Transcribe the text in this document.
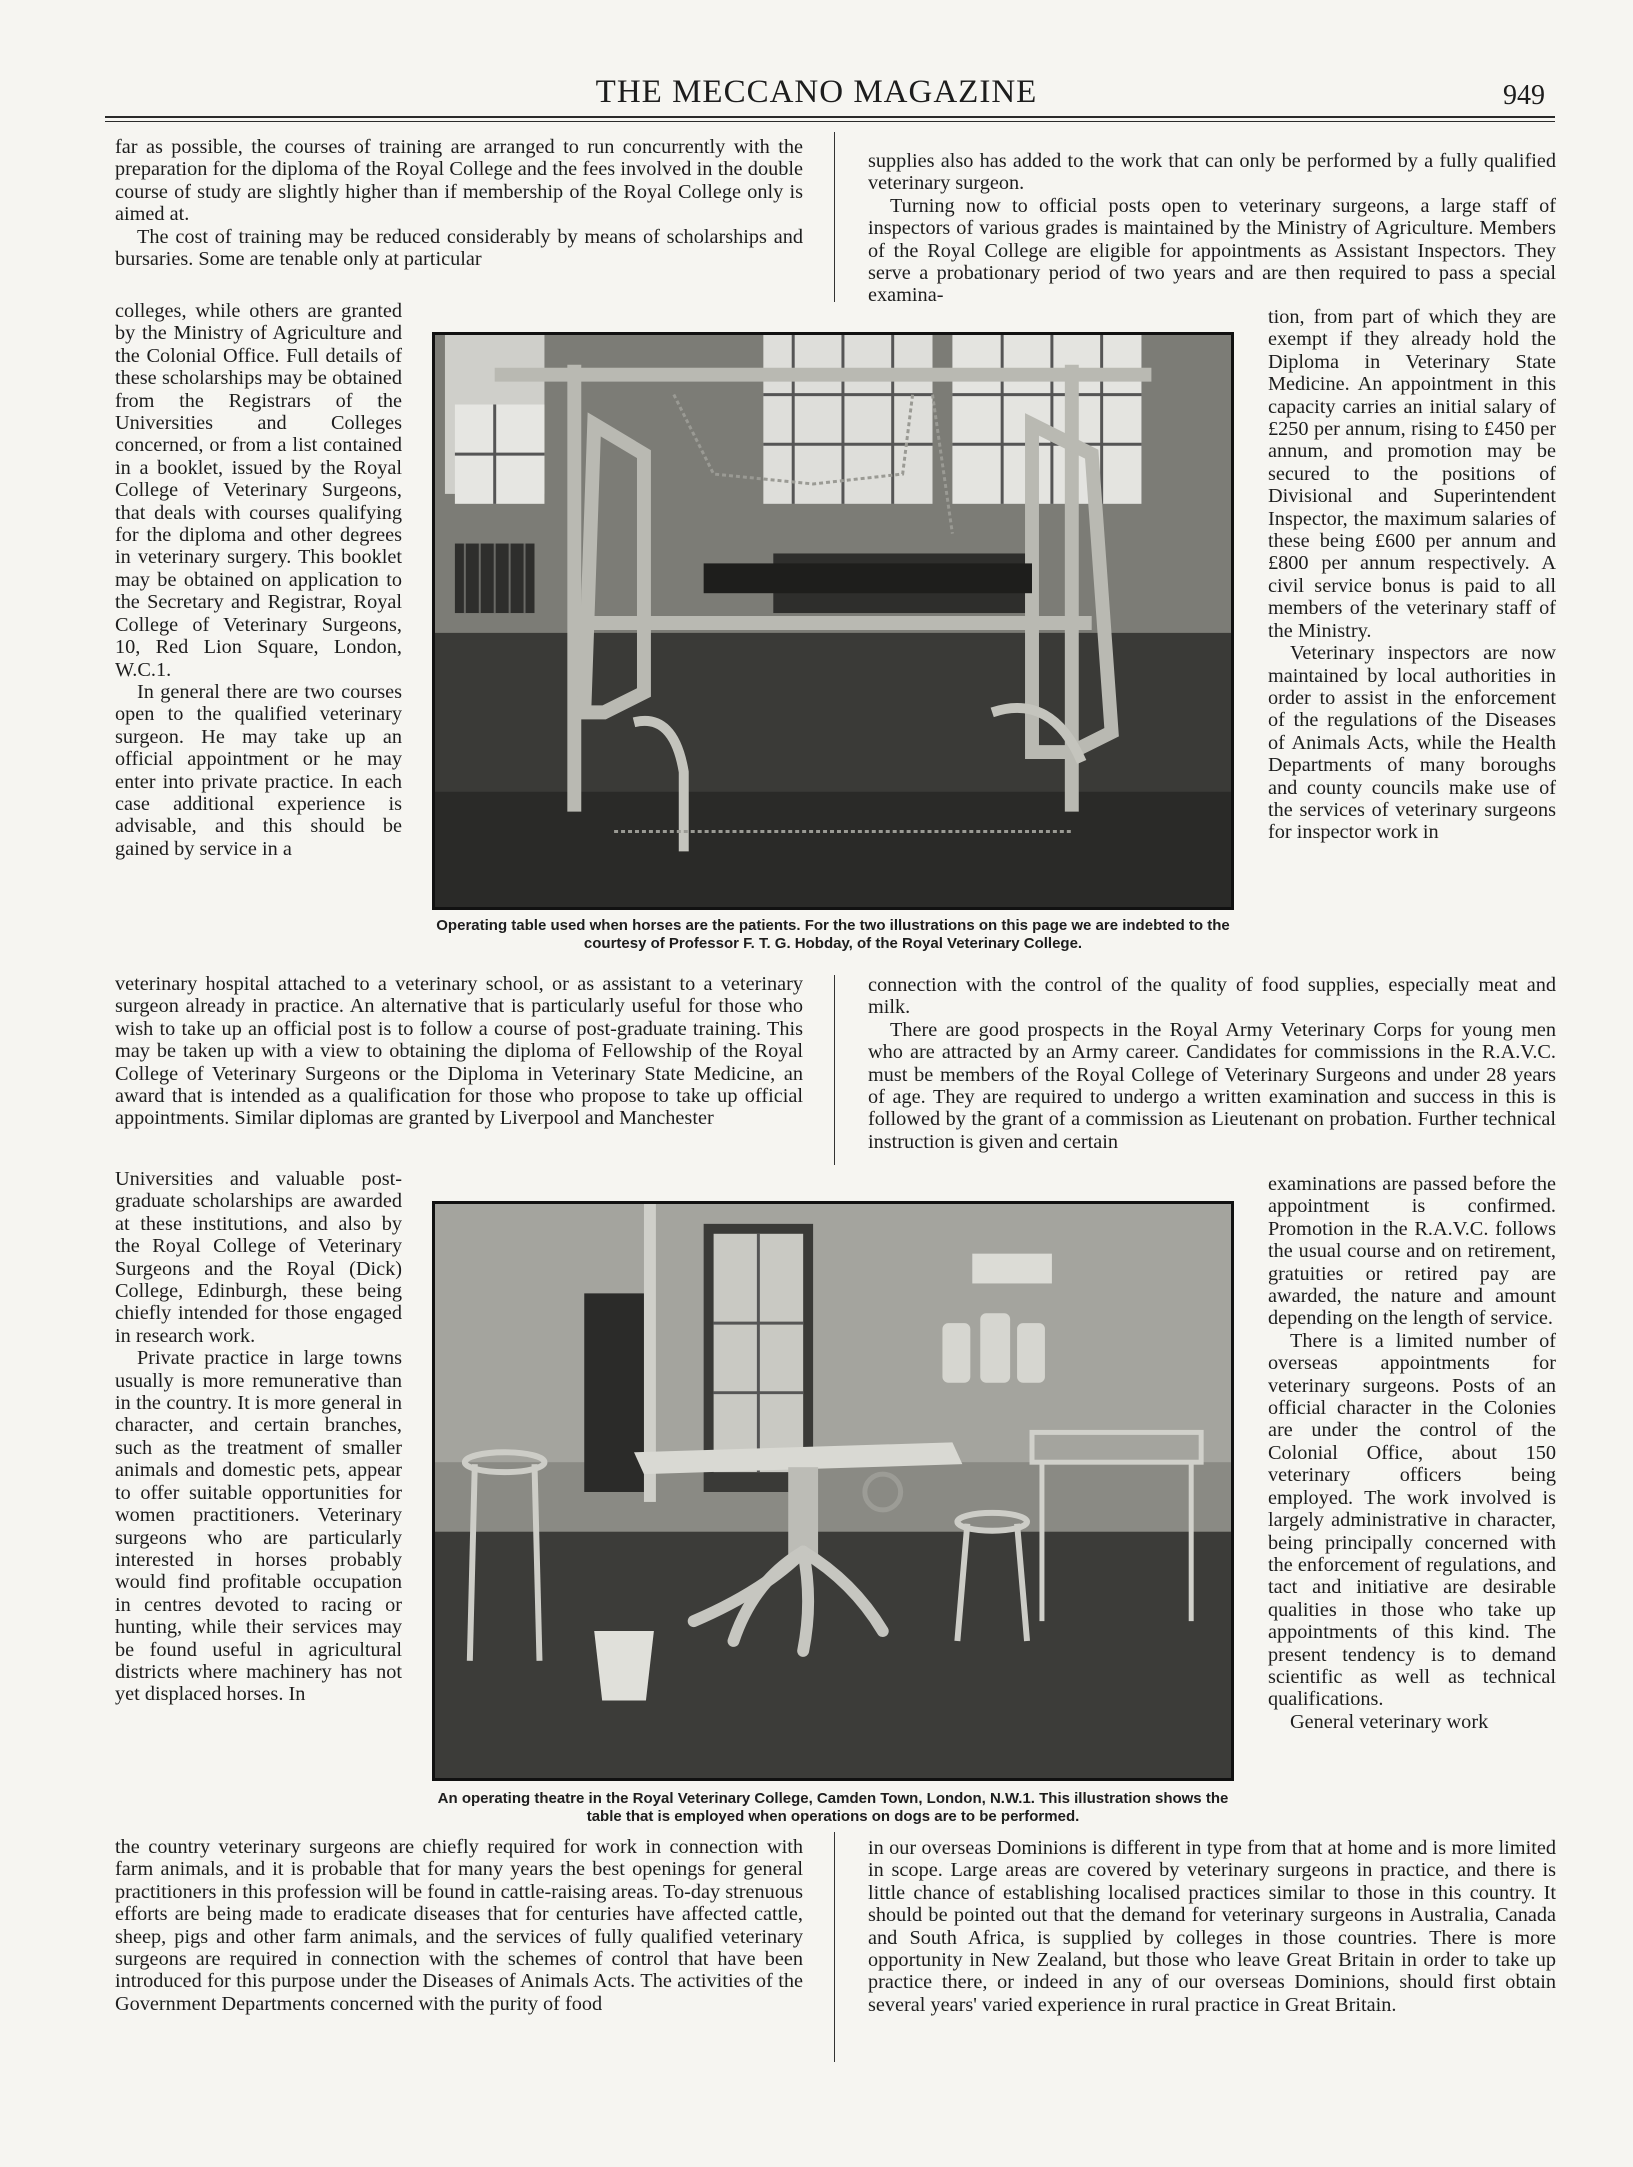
THE MECCANO MAGAZINE	949

far as possible, the courses of training are arranged to run concurrently with the preparation for the diploma of the Royal College and the fees involved in the double course of study are slightly higher than if membership of the Royal College only is aimed at.

The cost of training may be reduced considerably by means of scholarships and bursaries. Some are tenable only at particular

colleges, while others are granted by the Ministry of Agriculture and the Colonial Office. Full details of these scholarships may be obtained from the Registrars of the Universities and Colleges concerned, or from a list contained in a booklet, issued by the Royal College of Veterinary Surgeons, that deals with courses qualifying for the diploma and other degrees in veterinary surgery. This booklet may be obtained on application to the Secretary and Registrar, Royal College of Veterinary Surgeons, 10, Red Lion Square, London, W.C.1.

In general there are two courses open to the qualified veterinary surgeon. He may take up an official appointment or he may enter into private practice. In each case additional experience is advisable, and this should be gained by service in a

veterinary hospital attached to a veterinary school, or as assistant to a veterinary surgeon already in practice. An alternative that is particularly useful for those who wish to take up an official post is to follow a course of post-graduate training. This may be taken up with a view to obtaining the diploma of Fellowship of the Royal College of Veterinary Surgeons or the Diploma in Veterinary State Medicine, an award that is intended as a qualification for those who propose to take up official appointments. Similar diplomas are granted by Liverpool and Manchester

Universities and valuable post-graduate scholarships are awarded at these institutions, and also by the Royal College of Veterinary Surgeons and the Royal (Dick) College, Edinburgh, these being chiefly intended for those engaged in research work.

Private practice in large towns usually is more remunerative than in the country. It is more general in character, and certain branches, such as the treatment of smaller animals and domestic pets, appear to offer suitable opportunities for women practitioners. Veterinary surgeons who are particularly interested in horses probably would find profitable occupation in centres devoted to racing or hunting, while their services may be found useful in agricultural districts where machinery has not yet displaced horses. In

the country veterinary surgeons are chiefly required for work in connection with farm animals, and it is probable that for many years the best openings for general practitioners in this profession will be found in cattle-raising areas. To-day strenuous efforts are being made to eradicate diseases that for centuries have affected cattle, sheep, pigs and other farm animals, and the services of fully qualified veterinary surgeons are required in connection with the schemes of control that have been introduced for this purpose under the Diseases of Animals Acts. The activities of the Government Departments concerned with the purity of food

supplies also has added to the work that can only be performed by a fully qualified veterinary surgeon.

Turning now to official posts open to veterinary surgeons, a large staff of inspectors of various grades is maintained by the Ministry of Agriculture. Members of the Royal College are eligible for appointments as Assistant Inspectors. They serve a probationary period of two years and are then required to pass a special examina-

tion, from part of which they are exempt if they already hold the Diploma in Veterinary State Medicine. An appointment in this capacity carries an initial salary of £250 per annum, rising to £450 per annum, and promotion may be secured to the positions of Divisional and Superintendent Inspector, the maximum salaries of these being £600 per annum and £800 per annum respectively. A civil service bonus is paid to all members of the veterinary staff of the Ministry.

Veterinary inspectors are now maintained by local authorities in order to assist in the enforcement of the regulations of the Diseases of Animals Acts, while the Health Departments of many boroughs and county councils make use of the services of veterinary surgeons for inspector work in

connection with the control of the quality of food supplies, especially meat and milk.

There are good prospects in the Royal Army Veterinary Corps for young men who are attracted by an Army career. Candidates for commissions in the R.A.V.C. must be members of the Royal College of Veterinary Surgeons and under 28 years of age. They are required to undergo a written examination and success in this is followed by the grant of a commission as Lieutenant on probation. Further technical instruction is given and certain

examinations are passed before the appointment is confirmed. Promotion in the R.A.V.C. follows the usual course and on retirement, gratuities or retired pay are awarded, the nature and amount depending on the length of service.

There is a limited number of overseas appointments for veterinary surgeons. Posts of an official character in the Colonies are under the control of the Colonial Office, about 150 veterinary officers being employed. The work involved is largely administrative in character, being principally concerned with the enforcement of regulations, and tact and initiative are desirable qualities in those who take up appointments of this kind. The present tendency is to demand scientific as well as technical qualifications.

General veterinary work

in our overseas Dominions is different in type from that at home and is more limited in scope. Large areas are covered by veterinary surgeons in practice, and there is little chance of establishing localised practices similar to those in this country. It should be pointed out that the demand for veterinary surgeons in Australia, Canada and South Africa, is supplied by colleges in those countries. There is more opportunity in New Zealand, but those who leave Great Britain in order to take up practice there, or indeed in any of our overseas Dominions, should first obtain several years' varied experience in rural practice in Great Britain.

Operating table used when horses are the patients. For the two illustrations on this page we are indebted to the courtesy of Professor F. T. G. Hobday, of the Royal Veterinary College.
An operating theatre in the Royal Veterinary College, Camden Town, London, N.W.1. This illustration shows the table that is employed when operations on dogs are to be performed.
